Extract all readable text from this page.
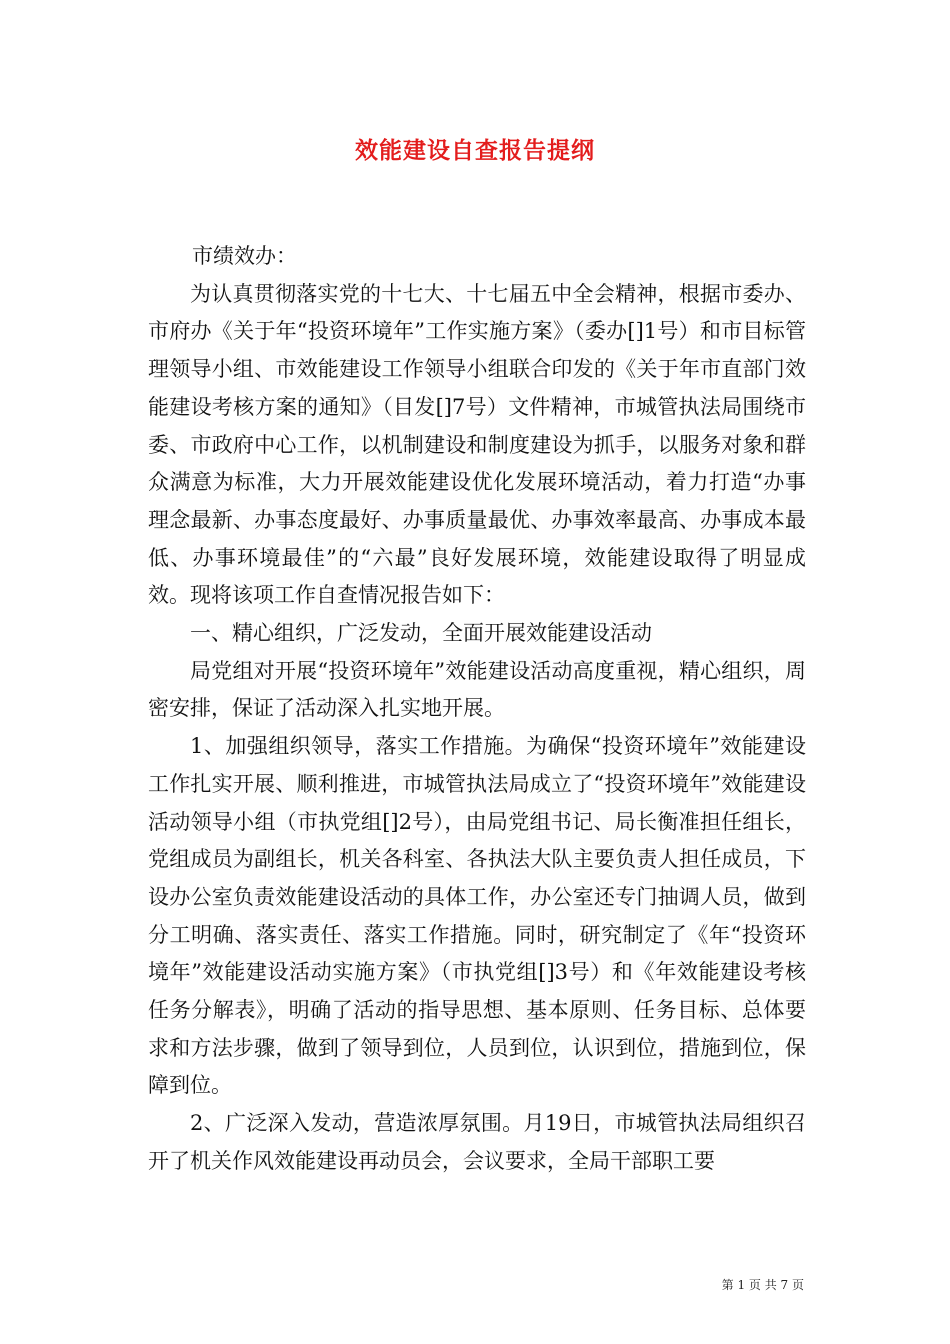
效能建设自查报告提纲

市绩效办：

为认真贯彻落实党的十七大、十七届五中全会精神，根据市委办、市府办《关于年“投资环境年”工作实施方案》（委办[]1号）和市目标管理领导小组、市效能建设工作领导小组联合印发的《关于年市直部门效能建设考核方案的通知》（目发[]7号）文件精神，市城管执法局围绕市委、市政府中心工作，以机制建设和制度建设为抓手，以服务对象和群众满意为标准，大力开展效能建设优化发展环境活动，着力打造“办事理念最新、办事态度最好、办事质量最优、办事效率最高、办事成本最低、办事环境最佳”的“六最”良好发展环境，效能建设取得了明显成效。现将该项工作自查情况报告如下：

一、精心组织，广泛发动，全面开展效能建设活动

局党组对开展“投资环境年”效能建设活动高度重视，精心组织，周密安排，保证了活动深入扎实地开展。

1、加强组织领导，落实工作措施。为确保“投资环境年”效能建设工作扎实开展、顺利推进，市城管执法局成立了“投资环境年”效能建设活动领导小组（市执党组[]2号），由局党组书记、局长衡准担任组长，党组成员为副组长，机关各科室、各执法大队主要负责人担任成员，下设办公室负责效能建设活动的具体工作，办公室还专门抽调人员，做到分工明确、落实责任、落实工作措施。同时，研究制定了《年“投资环境年”效能建设活动实施方案》（市执党组[]3号）和《年效能建设考核任务分解表》，明确了活动的指导思想、基本原则、任务目标、总体要求和方法步骤，做到了领导到位，人员到位，认识到位，措施到位，保障到位。

2、广泛深入发动，营造浓厚氛围。月19日，市城管执法局组织召开了机关作风效能建设再动员会，会议要求，全局干部职工要

第 1 页 共 7 页
